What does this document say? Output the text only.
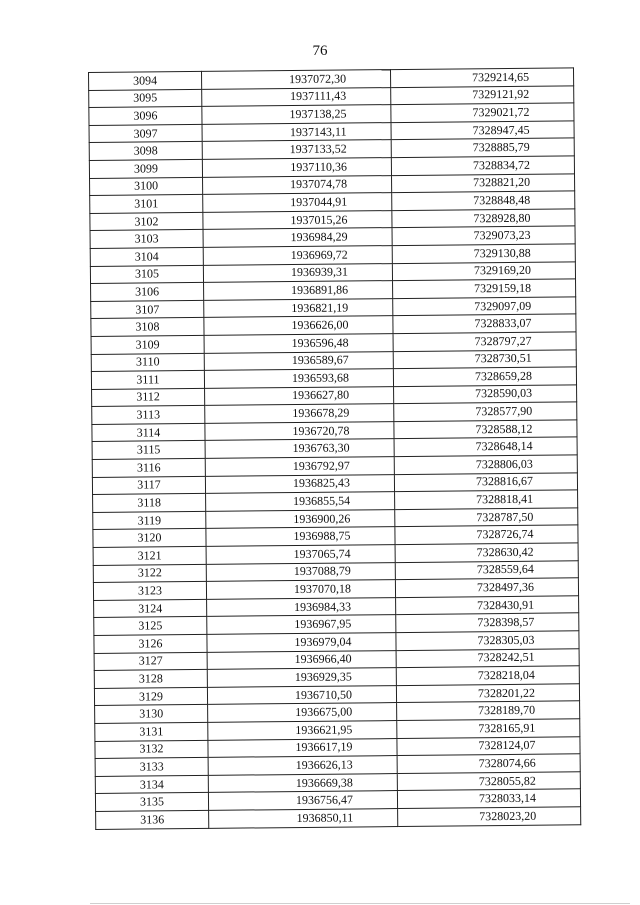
76
3094	1937072,30	7329214,65
3095	1937111,43	7329121,92
3096	1937138,25	7329021,72
3097	1937143,11	7328947,45
3098	1937133,52	7328885,79
3099	1937110,36	7328834,72
3100	1937074,78	7328821,20
3101	1937044,91	7328848,48
3102	1937015,26	7328928,80
3103	1936984,29	7329073,23
3104	1936969,72	7329130,88
3105	1936939,31	7329169,20
3106	1936891,86	7329159,18
3107	1936821,19	7329097,09
3108	1936626,00	7328833,07
3109	1936596,48	7328797,27
3110	1936589,67	7328730,51
3111	1936593,68	7328659,28
3112	1936627,80	7328590,03
3113	1936678,29	7328577,90
3114	1936720,78	7328588,12
3115	1936763,30	7328648,14
3116	1936792,97	7328806,03
3117	1936825,43	7328816,67
3118	1936855,54	7328818,41
3119	1936900,26	7328787,50
3120	1936988,75	7328726,74
3121	1937065,74	7328630,42
3122	1937088,79	7328559,64
3123	1937070,18	7328497,36
3124	1936984,33	7328430,91
3125	1936967,95	7328398,57
3126	1936979,04	7328305,03
3127	1936966,40	7328242,51
3128	1936929,35	7328218,04
3129	1936710,50	7328201,22
3130	1936675,00	7328189,70
3131	1936621,95	7328165,91
3132	1936617,19	7328124,07
3133	1936626,13	7328074,66
3134	1936669,38	7328055,82
3135	1936756,47	7328033,14
3136	1936850,11	7328023,20
